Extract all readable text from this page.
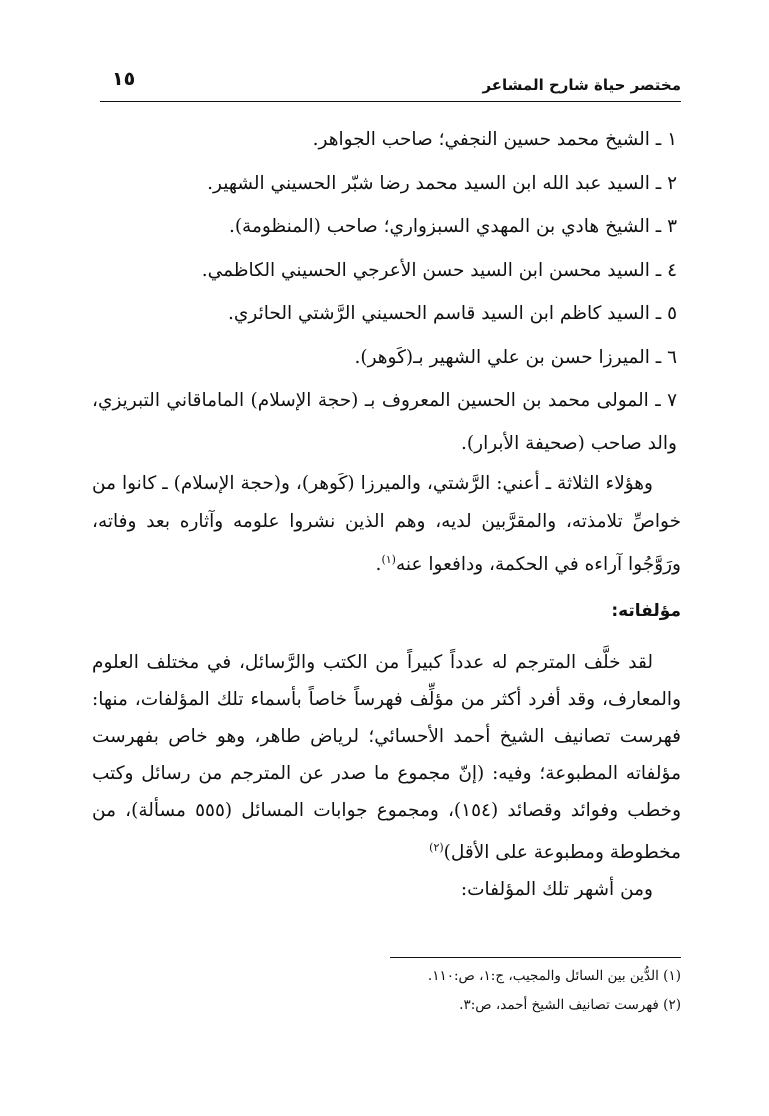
مختصر حياة شارح المشاعر
١٥
١ ـ الشيخ محمد حسين النجفي؛ صاحب الجواهر.
٢ ـ السيد عبد الله ابن السيد محمد رضا شبّر الحسيني الشهير.
٣ ـ الشيخ هادي بن المهدي السبزواري؛ صاحب (المنظومة).
٤ ـ السيد محسن ابن السيد حسن الأعرجي الحسيني الكاظمي.
٥ ـ السيد كاظم ابن السيد قاسم الحسيني الرَّشتي الحائري.
٦ ـ الميرزا حسن بن علي الشهير بـ(كَوهر).
٧ ـ المولى محمد بن الحسين المعروف بـ (حجة الإسلام) الماماقاني التبريزي، والد صاحب (صحيفة الأبرار).

وهؤلاء الثلاثة ـ أعني: الرَّشتي، والميرزا (كَوهر)، و(حجة الإسلام) ـ كانوا من خواصِّ تلامذته، والمقرَّبين لديه، وهم الذين نشروا علومه وآثاره بعد وفاته، ورَوَّجُوا آراءه في الحكمة، ودافعوا عنه$^{(١)}$.

مؤلفاته:

لقد خلَّف المترجم له عدداً كبيراً من الكتب والرَّسائل، في مختلف العلوم والمعارف، وقد أفرد أكثر من مؤلِّف فهرساً خاصاً بأسماء تلك المؤلفات، منها: فهرست تصانيف الشيخ أحمد الأحسائي؛ لرياض طاهر، وهو خاص بفهرست مؤلفاته المطبوعة؛ وفيه: (إنّ مجموع ما صدر عن المترجم من رسائل وكتب وخطب وفوائد وقصائد (١٥٤)، ومجموع جوابات المسائل (٥٥٥ مسألة)، من مخطوطة ومطبوعة على الأقل)$^{(٢)}$

ومن أشهر تلك المؤلفات:

(١) الدُّين بين السائل والمجيب، ج:١، ص:١١٠.
(٢) فهرست تصانيف الشيخ أحمد، ص:٣.
